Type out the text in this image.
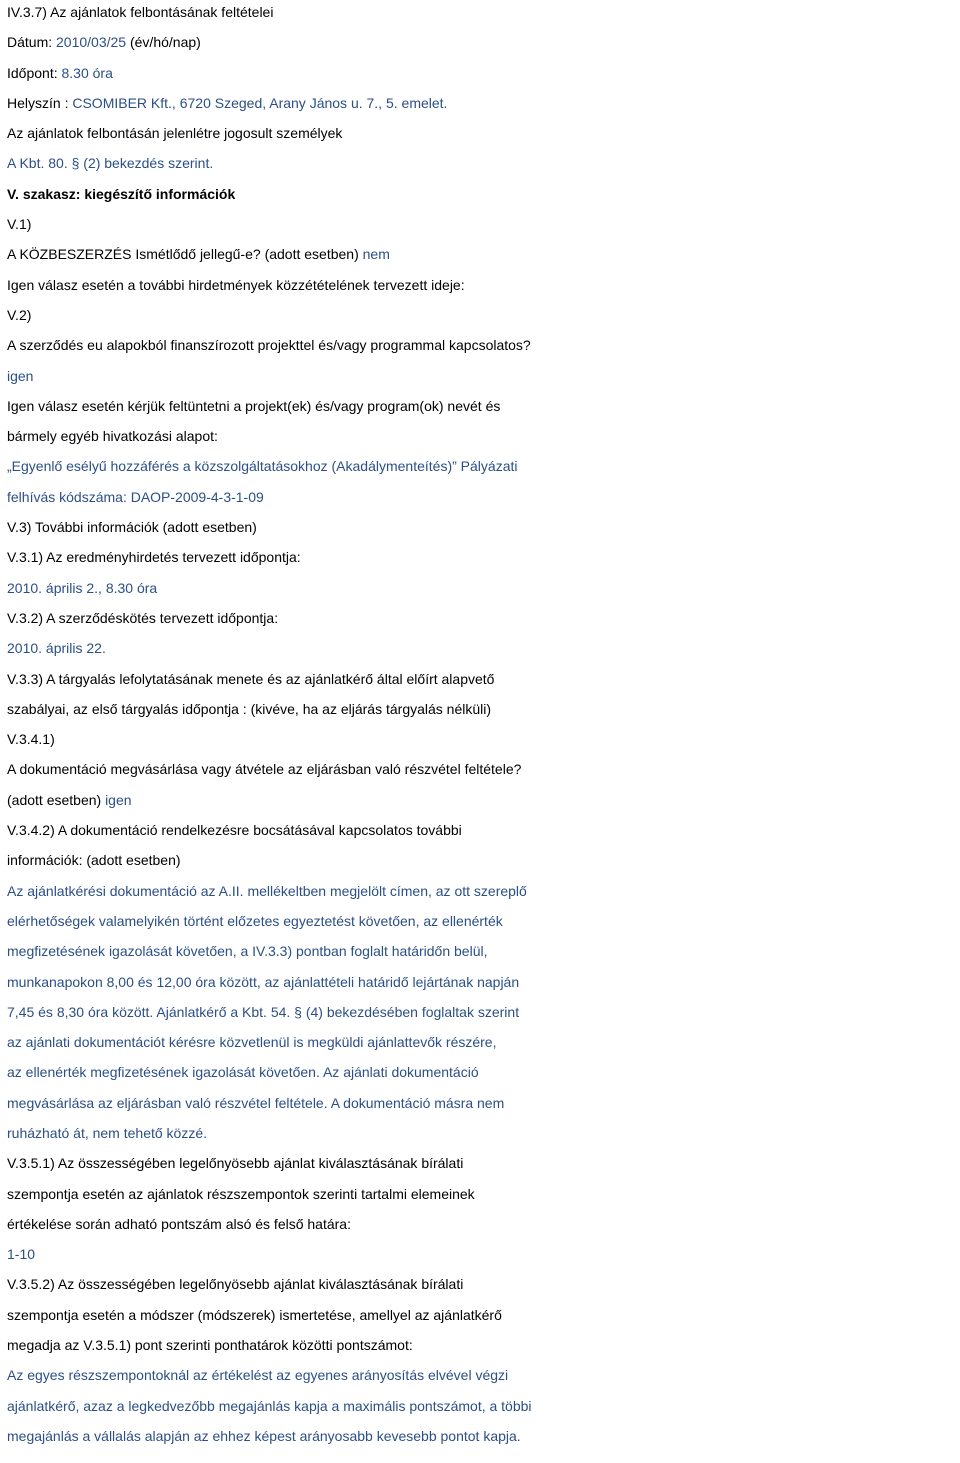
IV.3.7) Az ajánlatok felbontásának feltételei
Dátum: 2010/03/25 (év/hó/nap)
Időpont: 8.30 óra
Helyszín : CSOMIBER Kft., 6720 Szeged, Arany János u. 7., 5. emelet.
Az ajánlatok felbontásán jelenlétre jogosult személyek
A Kbt. 80. § (2) bekezdés szerint.
V. szakasz: kiegészítő információk
V.1)
A KÖZBESZERZÉS Ismétlődő jellegű-e? (adott esetben) nem
Igen válasz esetén a további hirdetmények közzétételének tervezett ideje:
V.2)
A szerződés eu alapokból finanszírozott projekttel és/vagy programmal kapcsolatos?
igen
Igen válasz esetén kérjük feltüntetni a projekt(ek) és/vagy program(ok) nevét és
bármely egyéb hivatkozási alapot:
„Egyenlő esélyű hozzáférés a közszolgáltatásokhoz (Akadálymenteítés)” Pályázati
felhívás kódszáma: DAOP-2009-4-3-1-09
V.3) További információk (adott esetben)
V.3.1) Az eredményhirdetés tervezett időpontja:
2010. április 2., 8.30 óra
V.3.2) A szerződéskötés tervezett időpontja:
2010. április 22.
V.3.3) A tárgyalás lefolytatásának menete és az ajánlatkérő által előírt alapvető
szabályai, az első tárgyalás időpontja : (kivéve, ha az eljárás tárgyalás nélküli)
V.3.4.1)
A dokumentáció megvásárlása vagy átvétele az eljárásban való részvétel feltétele?
(adott esetben) igen
V.3.4.2) A dokumentáció rendelkezésre bocsátásával kapcsolatos további
információk: (adott esetben)
Az ajánlatkérési dokumentáció az A.II. mellékeltben megjelölt címen, az ott szereplő
elérhetőségek valamelyikén történt előzetes egyeztetést követően, az ellenérték
megfizetésének igazolását követően, a IV.3.3) pontban foglalt határidőn belül,
munkanapokon 8,00 és 12,00 óra között, az ajánlattételi határidő lejártának napján
7,45 és 8,30 óra között. Ajánlatkérő a Kbt. 54. § (4) bekezdésében foglaltak szerint
az ajánlati dokumentációt kérésre közvetlenül is megküldi ajánlattevők részére,
az ellenérték megfizetésének igazolását követően. Az ajánlati dokumentáció
megvásárlása az eljárásban való részvétel feltétele. A dokumentáció másra nem
ruházható át, nem tehető közzé.
V.3.5.1) Az összességében legelőnyösebb ajánlat kiválasztásának bírálati
szempontja esetén az ajánlatok részszempontok szerinti tartalmi elemeinek
értékelése során adható pontszám alsó és felső határa:
1-10
V.3.5.2) Az összességében legelőnyösebb ajánlat kiválasztásának bírálati
szempontja esetén a módszer (módszerek) ismertetése, amellyel az ajánlatkérő
megadja az V.3.5.1) pont szerinti ponthatárok közötti pontszámot:
Az egyes részszempontoknál az értékelést az egyenes arányosítás elvével végzi
ajánlatkérő, azaz a legkedvezőbb megajánlás kapja a maximális pontszámot, a többi
megajánlás a vállalás alapján az ehhez képest arányosabb kevesebb pontot kapja.
